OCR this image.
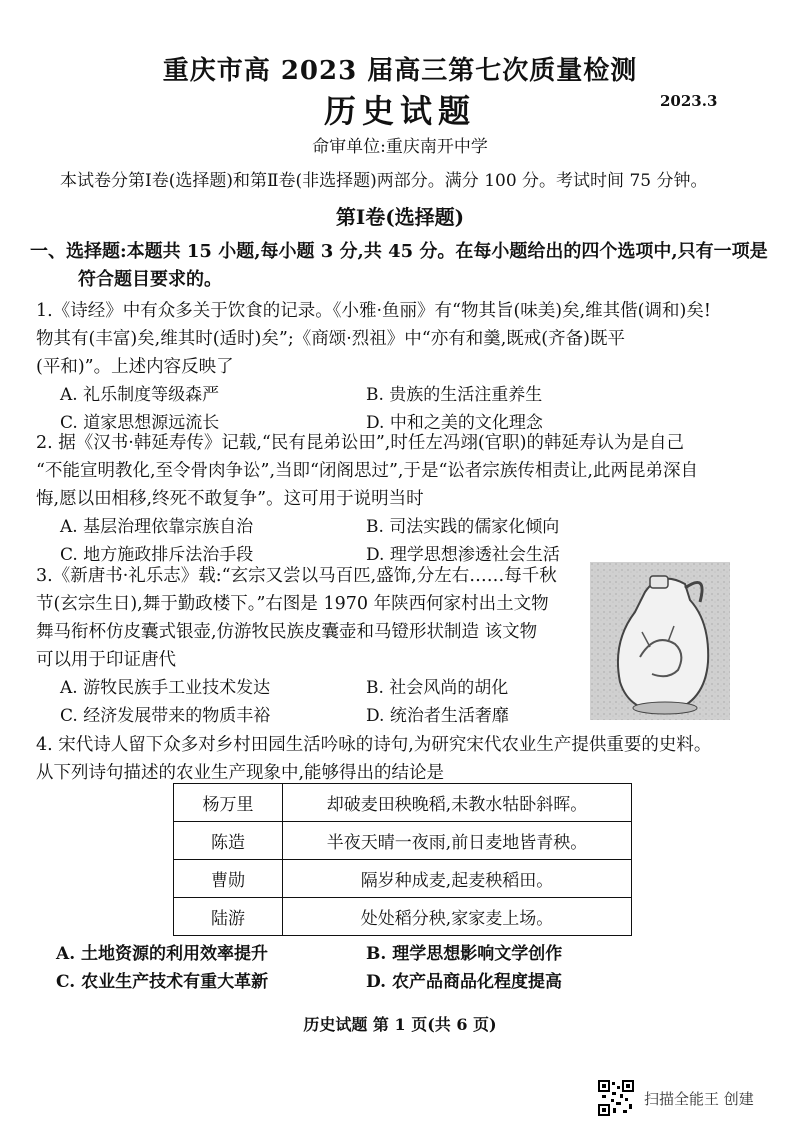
重庆市高 2023 届高三第七次质量检测
历史试题	2023.3
命审单位:重庆南开中学
本试卷分第Ⅰ卷(选择题)和第Ⅱ卷(非选择题)两部分。满分 100 分。考试时间 75 分钟。
第Ⅰ卷(选择题)
一、选择题:本题共 15 小题,每小题 3 分,共 45 分。在每小题给出的四个选项中,只有一项是
符合题目要求的。
1.《诗经》中有众多关于饮食的记录。《小雅·鱼丽》有“物其旨(味美)矣,维其偕(调和)矣!
物其有(丰富)矣,维其时(适时)矣”;《商颂·烈祖》中“亦有和羹,既戒(齐备)既平
(平和)”。上述内容反映了
A. 礼乐制度等级森严	B. 贵族的生活注重养生
C. 道家思想源远流长	D. 中和之美的文化理念
2. 据《汉书·韩延寿传》记载,“民有昆弟讼田”,时任左冯翊(官职)的韩延寿认为是自己
“不能宣明教化,至令骨肉争讼”,当即“闭阁思过”,于是“讼者宗族传相责让,此两昆弟深自
悔,愿以田相移,终死不敢复争”。这可用于说明当时
A. 基层治理依靠宗族自治	B. 司法实践的儒家化倾向
C. 地方施政排斥法治手段	D. 理学思想渗透社会生活
3.《新唐书·礼乐志》载:“玄宗又尝以马百匹,盛饰,分左右……每千秋
节(玄宗生日),舞于勤政楼下。”右图是 1970 年陕西何家村出土文物
舞马衔杯仿皮囊式银壶,仿游牧民族皮囊壶和马镫形状制造 该文物
可以用于印证唐代
A. 游牧民族手工业技术发达	B. 社会风尚的胡化
C. 经济发展带来的物质丰裕	D. 统治者生活奢靡
4. 宋代诗人留下众多对乡村田园生活吟咏的诗句,为研究宋代农业生产提供重要的史料。
从下列诗句描述的农业生产现象中,能够得出的结论是
杨万里	却破麦田秧晚稻,未教水牯卧斜晖。
陈造	半夜天晴一夜雨,前日麦地皆青秧。
曹勋	隔岁种成麦,起麦秧稻田。
陆游	处处稻分秧,家家麦上场。
A. 土地资源的利用效率提升	B. 理学思想影响文学创作
C. 农业生产技术有重大革新	D. 农产品商品化程度提高
历史试题 第 1 页(共 6 页)
扫描全能王 创建
